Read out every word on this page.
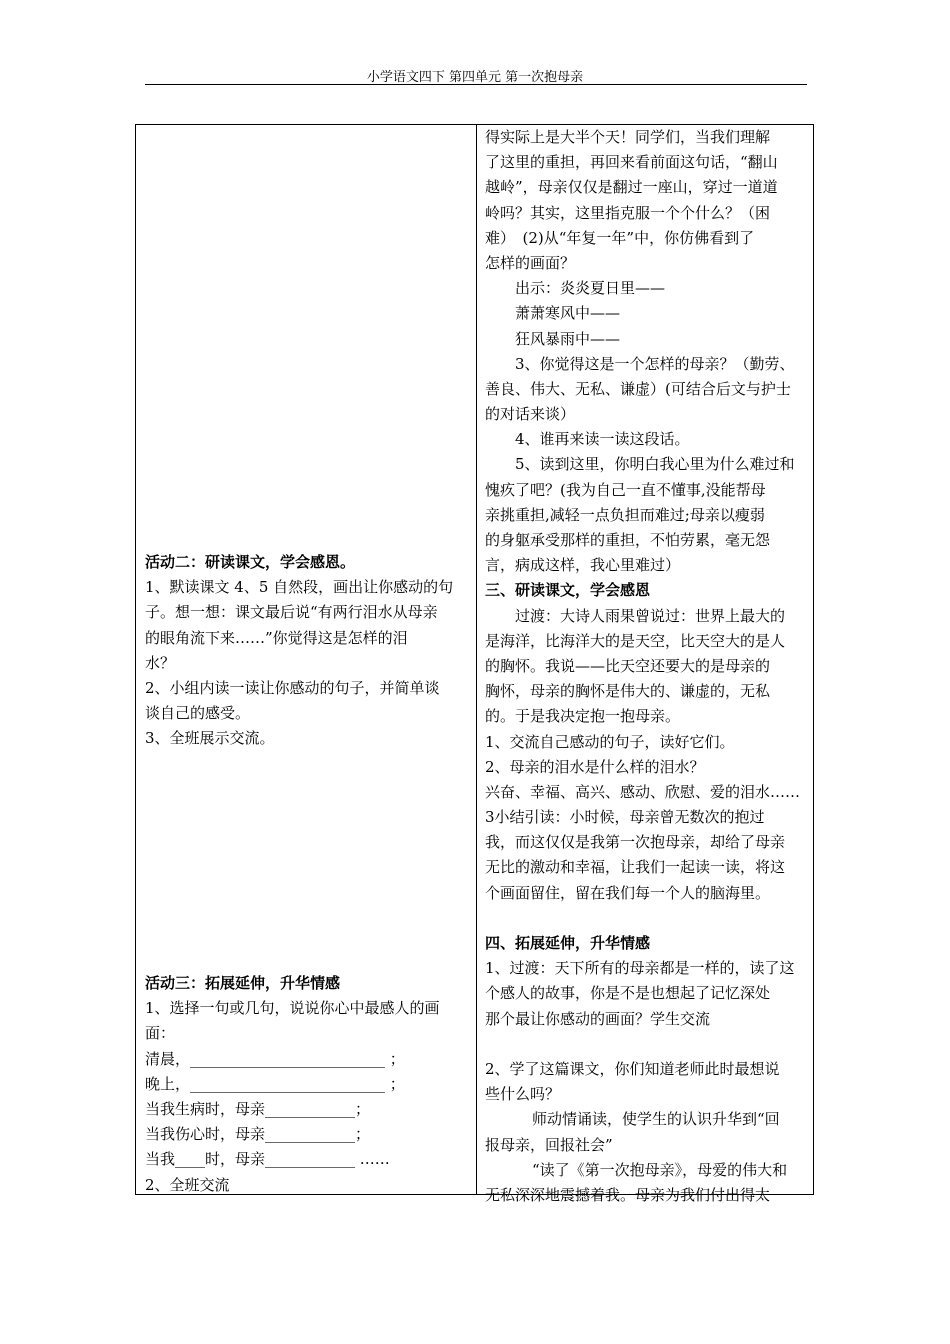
小学语文四下 第四单元 第一次抱母亲
活动二：研读课文，学会感恩。
1、默读课文 4、5 自然段，画出让你感动的句
子。想一想：课文最后说“有两行泪水从母亲
的眼角流下来……”你觉得这是怎样的泪
水？
2、小组内读一读让你感动的句子，并简单谈
谈自己的感受。
3、全班展示交流。
活动三：拓展延伸，升华情感
1、选择一句或几句，说说你心中最感人的画
面：
清晨，__________________________ ；
晚上，__________________________ ；
当我生病时，母亲____________；
当我伤心时，母亲____________；
当我____时，母亲____________ ……
2、全班交流
得实际上是大半个天！同学们，当我们理解
了这里的重担，再回来看前面这句话，“翻山
越岭”，母亲仅仅是翻过一座山，穿过一道道
岭吗？其实，这里指克服一个个什么？（困
难）　(2)从“年复一年”中，你仿佛看到了
怎样的画面？
出示：炎炎夏日里——
萧萧寒风中——
狂风暴雨中——
3、你觉得这是一个怎样的母亲？（勤劳、
善良、伟大、无私、谦虚）(可结合后文与护士
的对话来谈）
4、谁再来读一读这段话。
5、读到这里，你明白我心里为什么难过和
愧疚了吧？(我为自己一直不懂事,没能帮母
亲挑重担,减轻一点负担而难过;母亲以瘦弱
的身躯承受那样的重担，不怕劳累，毫无怨
言，病成这样，我心里难过）
三、研读课文，学会感恩
过渡：大诗人雨果曾说过：世界上最大的
是海洋，比海洋大的是天空，比天空大的是人
的胸怀。我说——比天空还要大的是母亲的
胸怀，母亲的胸怀是伟大的、谦虚的，无私
的。于是我决定抱一抱母亲。
1、交流自己感动的句子，读好它们。
2、母亲的泪水是什么样的泪水？
兴奋、幸福、高兴、感动、欣慰、爱的泪水……
3小结引读：小时候，母亲曾无数次的抱过
我，而这仅仅是我第一次抱母亲，却给了母亲
无比的激动和幸福，让我们一起读一读，将这
个画面留住，留在我们每一个人的脑海里。
四、拓展延伸，升华情感
1、过渡：天下所有的母亲都是一样的，读了这
个感人的故事，你是不是也想起了记忆深处
那个最让你感动的画面？学生交流
2、学了这篇课文，你们知道老师此时最想说
些什么吗？
师动情诵读，使学生的认识升华到“回
报母亲，回报社会”
“读了《第一次抱母亲》，母爱的伟大和
无私深深地震撼着我。母亲为我们付出得太
